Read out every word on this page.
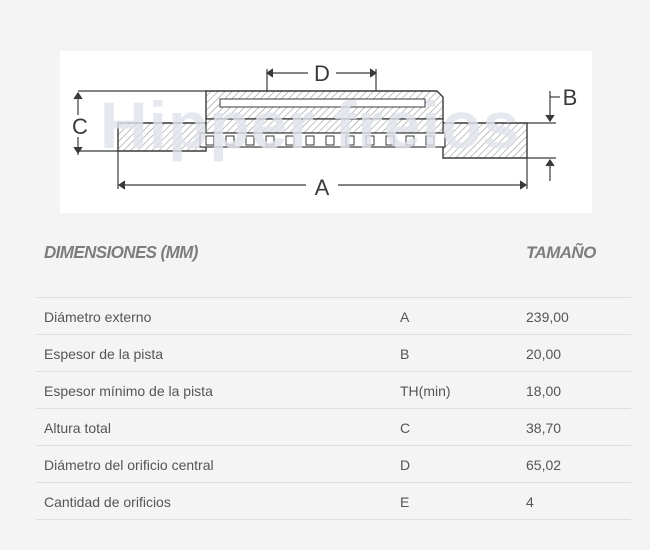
Hipper freios
D
C
B
A
DIMENSIONES (MM)	TAMAÑO
Diámetro externo	A	239,00
Espesor de la pista	B	20,00
Espesor mínimo de la pista	TH(min)	18,00
Altura total	C	38,70
Diámetro del orificio central	D	65,02
Cantidad de orificios	E	4
